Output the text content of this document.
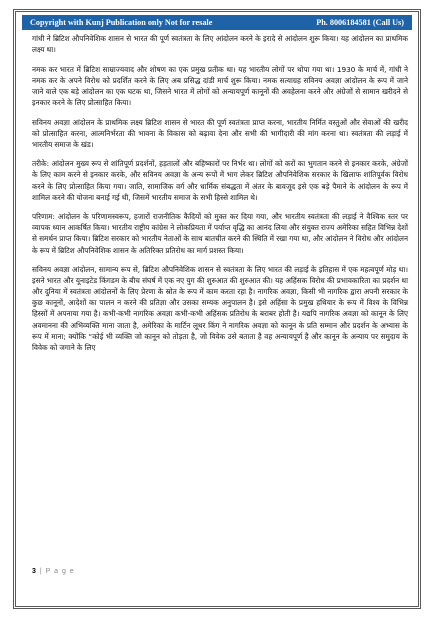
Copyright with Kunj Publication only Not for resale	Ph. 8006184581 (Call Us)

गांधी ने ब्रिटिश औपनिवेशिक शासन से भारत की पूर्ण स्वतंत्रता के लिए आंदोलन करने के इरादे से आंदोलन शुरू किया। यह आंदोलन का प्राथमिक लक्ष्य था।

नमक कर भारत में ब्रिटिश साम्राज्यवाद और शोषण का एक प्रमुख प्रतीक था। यह भारतीय लोगों पर थोपा गया था। 1930 के मार्च में, गांधी ने नमक कर के अपने विरोध को प्रदर्शित करने के लिए अब प्रसिद्ध दांडी मार्च शुरू किया। नमक सत्याग्रह सविनय अवज्ञा आंदोलन के रूप में जाने जाने वाले एक बड़े आंदोलन का एक घटक था, जिसने भारत में लोगों को अन्यायपूर्ण कानूनों की अवहेलना करने और अंग्रेजों से सामान खरीदने से इनकार करने के लिए प्रोत्साहित किया।

सविनय अवज्ञा आंदोलन के प्राथमिक लक्ष्य ब्रिटिश शासन से भारत की पूर्ण स्वतंत्रता प्राप्त करना, भारतीय निर्मित वस्तुओं और सेवाओं की खरीद को प्रोत्साहित करना, आत्मनिर्भरता की भावना के विकास को बढ़ावा देना और सभी की भागीदारी की मांग करना था। स्वतंत्रता की लड़ाई में भारतीय समाज के खंड।

तरीके: आंदोलन मुख्य रूप से शांतिपूर्ण प्रदर्शनों, हड़तालों और बहिष्कारों पर निर्भर था। लोगों को करों का भुगतान करने से इनकार करके, अंग्रेजों के लिए काम करने से इनकार करके, और सविनय अवज्ञा के अन्य रूपों में भाग लेकर ब्रिटिश औपनिवेशिक सरकार के खिलाफ शांतिपूर्वक विरोध करने के लिए प्रोत्साहित किया गया। जाति, सामाजिक वर्ग और धार्मिक संबद्धता में अंतर के बावजूद इसे एक बड़े पैमाने के आंदोलन के रूप में शामिल करने की योजना बनाई गई थी, जिसमें भारतीय समाज के सभी हिस्से शामिल थे।

परिणाम: आंदोलन के परिणामस्वरूप, हजारों राजनीतिक कैदियों को मुक्त कर दिया गया, और भारतीय स्वतंत्रता की लड़ाई ने वैश्विक स्तर पर व्यापक ध्यान आकर्षित किया। भारतीय राष्ट्रीय कांग्रेस ने लोकप्रियता में पर्याप्त वृद्धि का आनंद लिया और संयुक्त राज्य अमेरिका सहित विभिन्न देशों से समर्थन प्राप्त किया। ब्रिटिश सरकार को भारतीय नेताओं के साथ बातचीत करने की स्थिति में रखा गया था, और आंदोलन ने विरोध और आंदोलन के रूप में ब्रिटिश औपनिवेशिक शासन के अतिरिक्त प्रतिरोध का मार्ग प्रशस्त किया।

सविनय अवज्ञा आंदोलन, सामान्य रूप से, ब्रिटिश औपनिवेशिक शासन से स्वतंत्रता के लिए भारत की लड़ाई के इतिहास में एक महत्वपूर्ण मोड़ था। इसने भारत और यूनाइटेड किंगडम के बीच संघर्ष में एक नए युग की शुरुआत की शुरुआत की। यह अहिंसक विरोध की प्रभावकारिता का प्रदर्शन था और दुनिया में स्वतंत्रता आंदोलनों के लिए प्रेरणा के स्रोत के रूप में काम करता रहा है। नागरिक अवज्ञा, किसी भी नागरिक द्वारा अपनी सरकार के कुछ कानूनों, आदेशों का पालन न करने की प्रतिज्ञा और उसका सम्यक अनुपालन है। इसे अहिंसा के प्रमुख हथियार के रूप में विश्व के विभिन्न हिस्सों में अपनाया गया है। कभी-कभी नागरिक अवज्ञा कभी-कभी अहिंसक प्रतिरोध के बराबर होती है। यद्यपि नागरिक अवज्ञा को कानून के लिए अवमानना की अभिव्यक्ति माना जाता है, अमेरिका के मार्टिन लूथर किंग ने नागरिक अवज्ञा को कानून के प्रति सम्मान और प्रदर्शन के अभ्यास के रूप में माना; क्योंकि “कोई भी व्यक्ति जो कानून को तोड़ता है, जो विवेक उसे बताता है वह अन्यायपूर्ण है और कानून के अन्याय पर समुदाय के विवेक को जगाने के लिए

3 | P a g e
